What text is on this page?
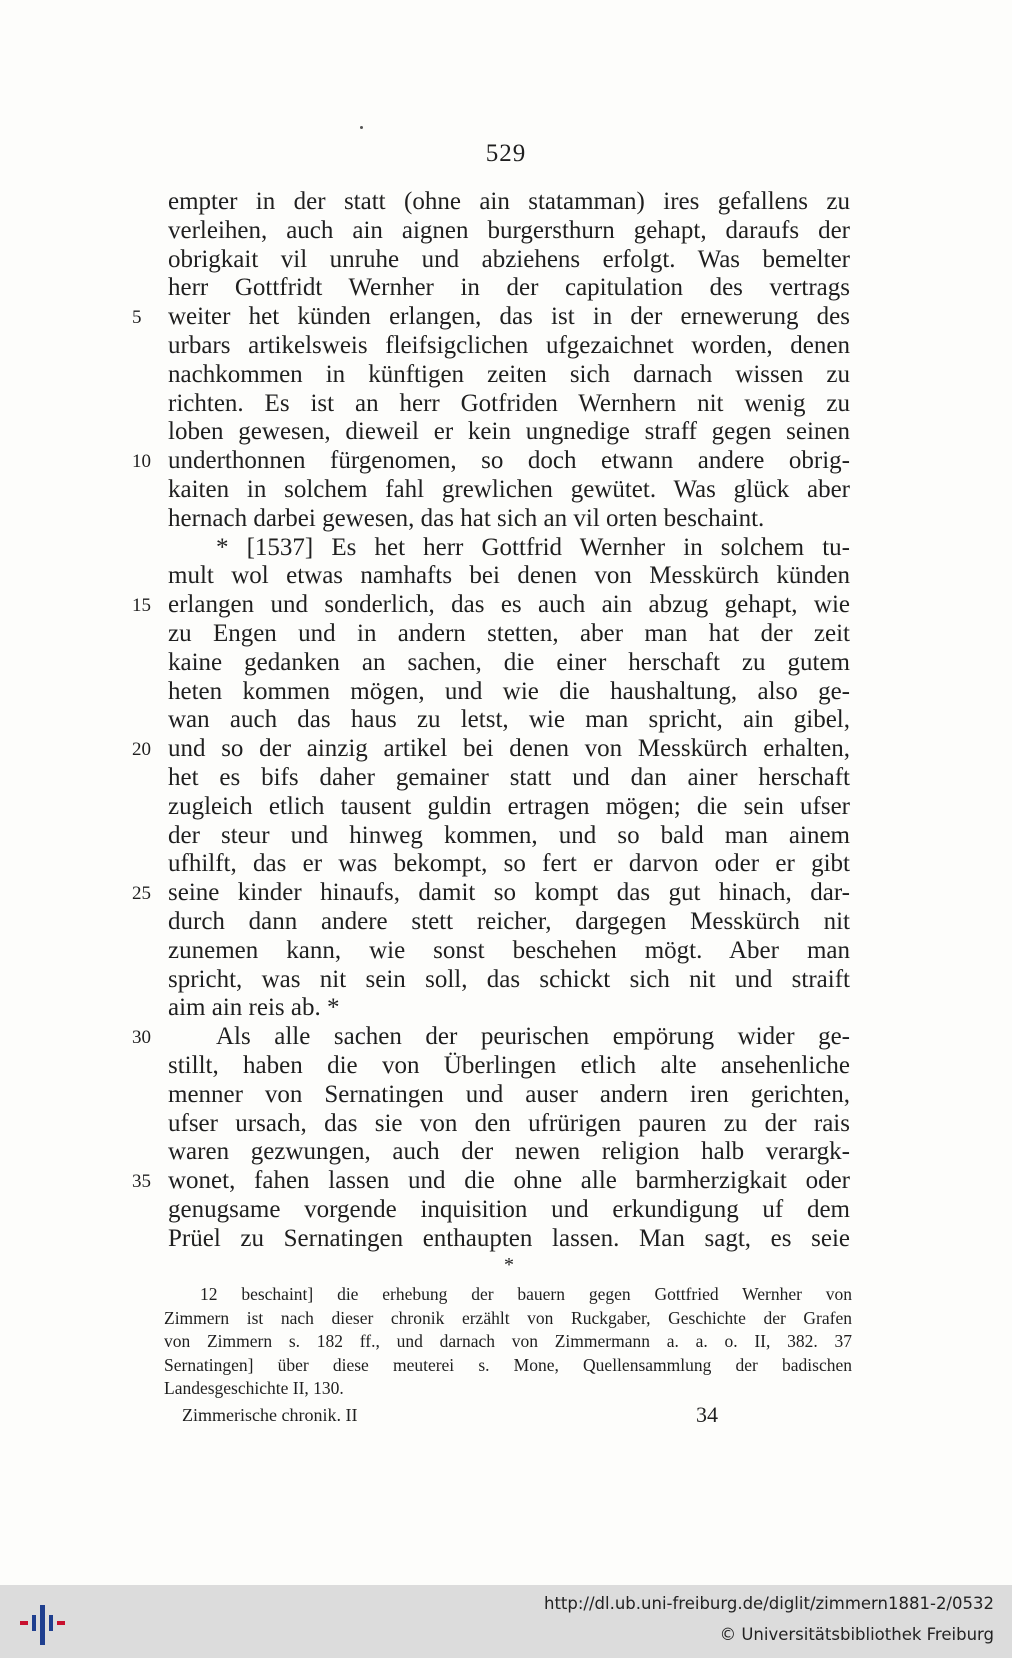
529
empter in der statt (ohne ain statamman) ires gefallens zu
verleihen, auch ain aignen burgersthurn gehapt, daraufs der
obrigkait vil unruhe und abziehens erfolgt. Was bemelter
herr Gottfridt Wernher in der capitulation des vertrags
5	weiter het künden erlangen, das ist in der ernewerung des
urbars artikelsweis fleifsigclichen ufgezaichnet worden, denen
nachkommen in künftigen zeiten sich darnach wissen zu
richten. Es ist an herr Gotfriden Wernhern nit wenig zu
loben gewesen, dieweil er kein ungnedige straff gegen seinen
10 underthonnen fürgenomen, so doch etwann andere obrig-
kaiten in solchem fahl grewlichen gewütet. Was glück aber
hernach darbei gewesen, das hat sich an vil orten beschaint.
* [1537] Es het herr Gottfrid Wernher in solchem tu-
mult wol etwas namhafts bei denen von Messkürch künden
15 erlangen und sonderlich, das es auch ain abzug gehapt, wie
zu Engen und in andern stetten, aber man hat der zeit
kaine gedanken an sachen, die einer herschaft zu gutem
heten kommen mögen, und wie die haushaltung, also ge-
wan auch das haus zu letst, wie man spricht, ain gibel,
20 und so der ainzig artikel bei denen von Messkürch erhalten,
het es bifs daher gemainer statt und dan ainer herschaft
zugleich etlich tausent guldin ertragen mögen; die sein ufser
der steur und hinweg kommen, und so bald man ainem
ufhilft, das er was bekompt, so fert er darvon oder er gibt
25 seine kinder hinaufs, damit so kompt das gut hinach, dar-
durch dann andere stett reicher, dargegen Messkürch nit
zunemen kann, wie sonst beschehen mögt. Aber man
spricht, was nit sein soll, das schickt sich nit und straift
aim ain reis ab. *
30	Als alle sachen der peurischen empörung wider ge-
stillt, haben die von Überlingen etlich alte ansehenliche
menner von Sernatingen und auser andern iren gerichten,
ufser ursach, das sie von den ufrürigen pauren zu der rais
waren gezwungen, auch der newen religion halb verargk-
35 wonet, fahen lassen und die ohne alle barmherzigkait oder
genugsame vorgende inquisition und erkundigung uf dem
Prüel zu Sernatingen enthaupten lassen. Man sagt, es seie
*
12 beschaint] die erhebung der bauern gegen Gottfried Wernher von
Zimmern ist nach dieser chronik erzählt von Ruckgaber, Geschichte der Grafen
von Zimmern s. 182 ff., und darnach von Zimmermann a. a. o. II, 382. 37
Sernatingen] über diese meuterei s. Mone, Quellensammlung der badischen
Landesgeschichte II, 130.
Zimmerische chronik. II	34
http://dl.ub.uni-freiburg.de/diglit/zimmern1881-2/0532
© Universitätsbibliothek Freiburg
